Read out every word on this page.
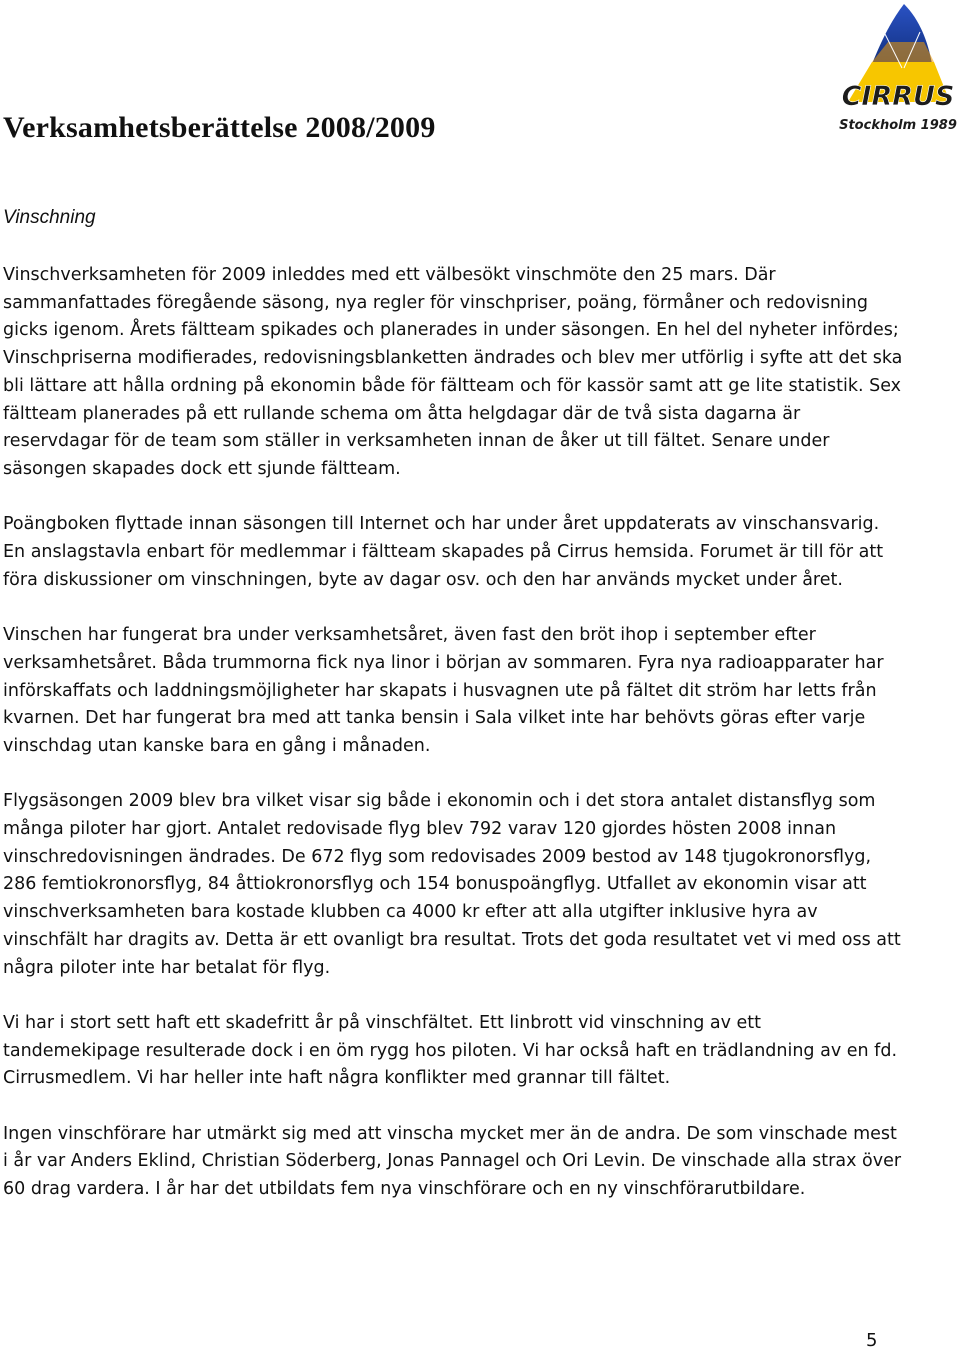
CIRRUS
Stockholm 1989
Verksamhetsberättelse 2008/2009
Vinschning

Vinschverksamheten för 2009 inleddes med ett välbesökt vinschmöte den 25 mars. Där sammanfattades föregående säsong, nya regler för vinschpriser, poäng, förmåner och redovisning gicks igenom. Årets fältteam spikades och planerades in under säsongen. En hel del nyheter infördes; Vinschpriserna modifierades, redovisningsblanketten ändrades och blev mer utförlig i syfte att det ska bli lättare att hålla ordning på ekonomin både för fältteam och för kassör samt att ge lite statistik. Sex fältteam planerades på ett rullande schema om åtta helgdagar där de två sista dagarna är reservdagar för de team som ställer in verksamheten innan de åker ut till fältet. Senare under säsongen skapades dock ett sjunde fältteam.

Poängboken flyttade innan säsongen till Internet och har under året uppdaterats av vinschansvarig. En anslagstavla enbart för medlemmar i fältteam skapades på Cirrus hemsida. Forumet är till för att föra diskussioner om vinschningen, byte av dagar osv. och den har används mycket under året.

Vinschen har fungerat bra under verksamhetsåret, även fast den bröt ihop i september efter verksamhetsåret. Båda trummorna fick nya linor i början av sommaren. Fyra nya radioapparater har införskaffats och laddningsmöjligheter har skapats i husvagnen ute på fältet dit ström har letts från kvarnen. Det har fungerat bra med att tanka bensin i Sala vilket inte har behövts göras efter varje vinschdag utan kanske bara en gång i månaden.

Flygsäsongen 2009 blev bra vilket visar sig både i ekonomin och i det stora antalet distansflyg som många piloter har gjort. Antalet redovisade flyg blev 792 varav 120 gjordes hösten 2008 innan vinschredovisningen ändrades. De 672 flyg som redovisades 2009 bestod av 148 tjugokronorsflyg, 286 femtiokronorsflyg, 84 åttiokronorsflyg och 154 bonuspoängflyg. Utfallet av ekonomin visar att vinschverksamheten bara kostade klubben ca 4000 kr efter att alla utgifter inklusive hyra av vinschfält har dragits av. Detta är ett ovanligt bra resultat. Trots det goda resultatet vet vi med oss att några piloter inte har betalat för flyg.

Vi har i stort sett haft ett skadefritt år på vinschfältet. Ett linbrott vid vinschning av ett tandemekipage resulterade dock i en öm rygg hos piloten. Vi har också haft en trädlandning av en fd. Cirrusmedlem. Vi har heller inte haft några konflikter med grannar till fältet.

Ingen vinschförare har utmärkt sig med att vinscha mycket mer än de andra. De som vinschade mest i år var Anders Eklind, Christian Söderberg, Jonas Pannagel och Ori Levin. De vinschade alla strax över 60 drag vardera. I år har det utbildats fem nya vinschförare och en ny vinschförarutbildare.

5
